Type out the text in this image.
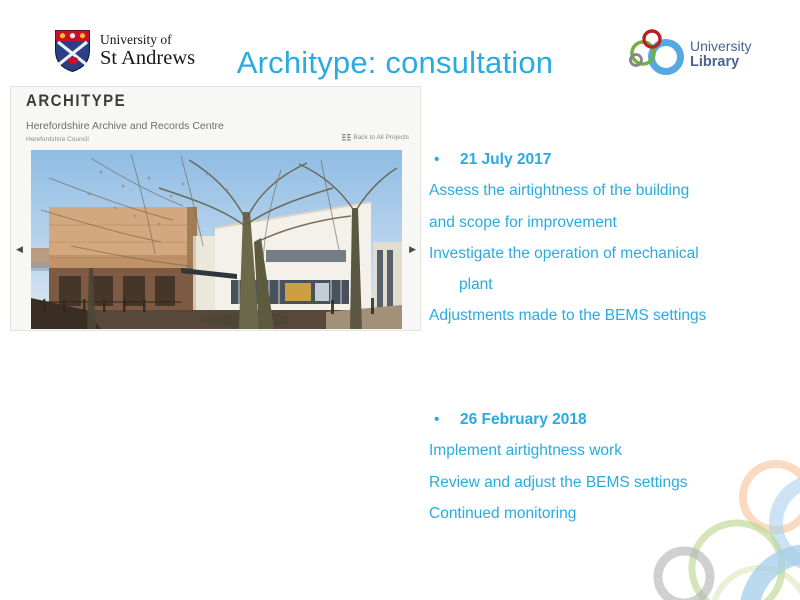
University of
St Andrews	Architype: consultation	University
Library
ARCHITYPE
Herefordshire Archive and Records Centre
Herefordshire Council	Back to All Projects
◀	▶
• 21 July 2017
Assess the airtightness of the building
and scope for improvement
Investigate the operation of mechanical
plant
Adjustments made to the BEMS settings
• 26 February 2018
Implement airtightness work
Review and adjust the BEMS settings
Continued monitoring
